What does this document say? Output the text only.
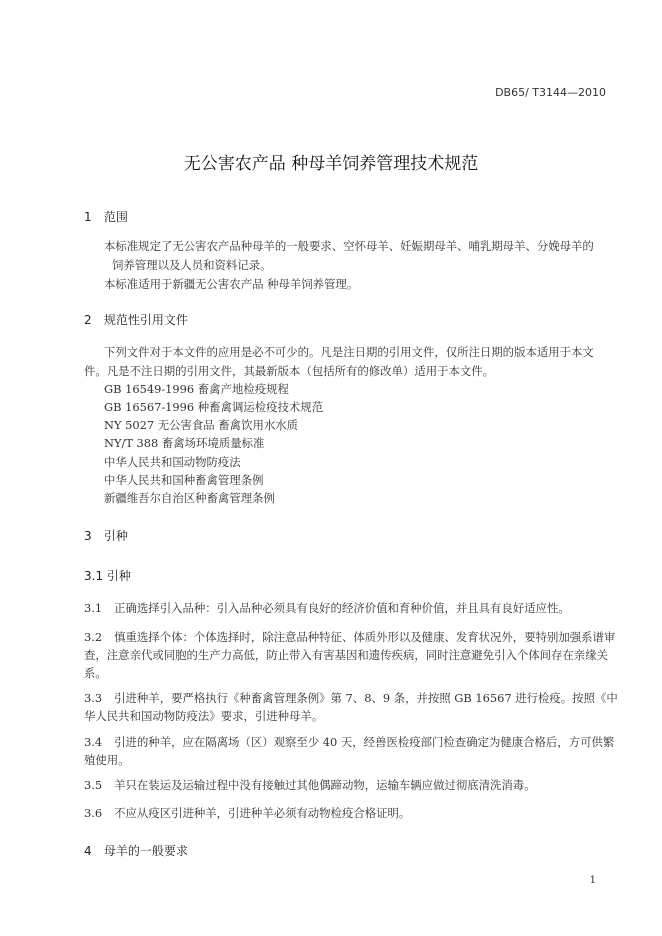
DB65/ T3144—2010
无公害农产品 种母羊饲养管理技术规范
1 范围
本标准规定了无公害农产品种母羊的一般要求、空怀母羊、妊娠期母羊、哺乳期母羊、分娩母羊的
饲养管理以及人员和资料记录。
本标准适用于新疆无公害农产品 种母羊饲养管理。
2 规范性引用文件
下列文件对于本文件的应用是必不可少的。凡是注日期的引用文件，仅所注日期的版本适用于本文
件。凡是不注日期的引用文件，其最新版本（包括所有的修改单）适用于本文件。
GB 16549-1996 畜禽产地检疫规程
GB 16567-1996 种畜禽调运检疫技术规范
NY 5027 无公害食品 畜禽饮用水水质
NY/T 388 畜禽场环境质量标准
中华人民共和国动物防疫法
中华人民共和国种畜禽管理条例
新疆维吾尔自治区种畜禽管理条例
3 引种
3.1 引种
3.1 正确选择引入品种：引入品种必须具有良好的经济价值和育种价值，并且具有良好适应性。
3.2 慎重选择个体：个体选择时，除注意品种特征、体质外形以及健康、发育状况外，要特别加强系谱审查，注意亲代或同胞的生产力高低，防止带入有害基因和遗传疾病，同时注意避免引入个体间存在亲缘关系。
3.3 引进种羊，要严格执行《种畜禽管理条例》第 7、8、9 条，并按照 GB 16567 进行检疫。按照《中华人民共和国动物防疫法》要求，引进种母羊。
3.4 引进的种羊，应在隔离场（区）观察至少 40 天，经兽医检疫部门检查确定为健康合格后，方可供繁殖使用。
3.5 羊只在装运及运输过程中没有接触过其他偶蹄动物，运输车辆应做过彻底清洗消毒。
3.6 不应从疫区引进种羊，引进种羊必须有动物检疫合格证明。
4 母羊的一般要求
1
